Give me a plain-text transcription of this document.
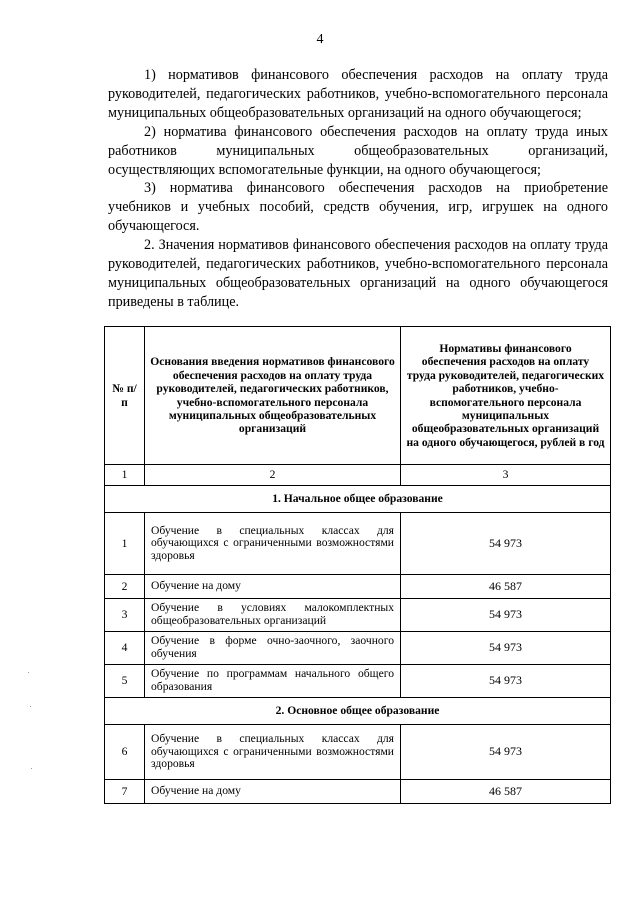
4

1) нормативов финансового обеспечения расходов на оплату труда руководителей, педагогических работников, учебно-вспомогательного персонала муниципальных общеобразовательных организаций на одного обучающегося;

2) норматива финансового обеспечения расходов на оплату труда иных работников муниципальных общеобразовательных организаций, осуществляющих вспомогательные функции, на одного обучающегося;

3) норматива финансового обеспечения расходов на приобретение учебников и учебных пособий, средств обучения, игр, игрушек на одного обучающегося.

2. Значения нормативов финансового обеспечения расходов на оплату труда руководителей, педагогических работников, учебно-вспомогательного персонала муниципальных общеобразовательных организаций на одного обучающегося приведены в таблице.

№ п/п	Основания введения нормативов финансового обеспечения расходов на оплату труда руководителей, педагогических работников, учебно-вспомогательного персонала муниципальных общеобразовательных организаций	Нормативы финансового обеспечения расходов на оплату труда руководителей, педагогических работников, учебно-вспомогательного персонала муниципальных общеобразовательных организаций на одного обучающегося, рублей в год
1	2	3
1. Начальное общее образование		
1	Обучение в специальных классах для обучающихся с ограниченными возможностями здоровья	54 973
2	Обучение на дому	46 587
3	Обучение в условиях малокомплектных общеобразовательных организаций	54 973
4	Обучение в форме очно-заочного, заочного обучения	54 973
5	Обучение по программам начального общего образования	54 973
2. Основное общее образование		
6	Обучение в специальных классах для обучающихся с ограниченными возможностями здоровья	54 973
7	Обучение на дому	46 587
